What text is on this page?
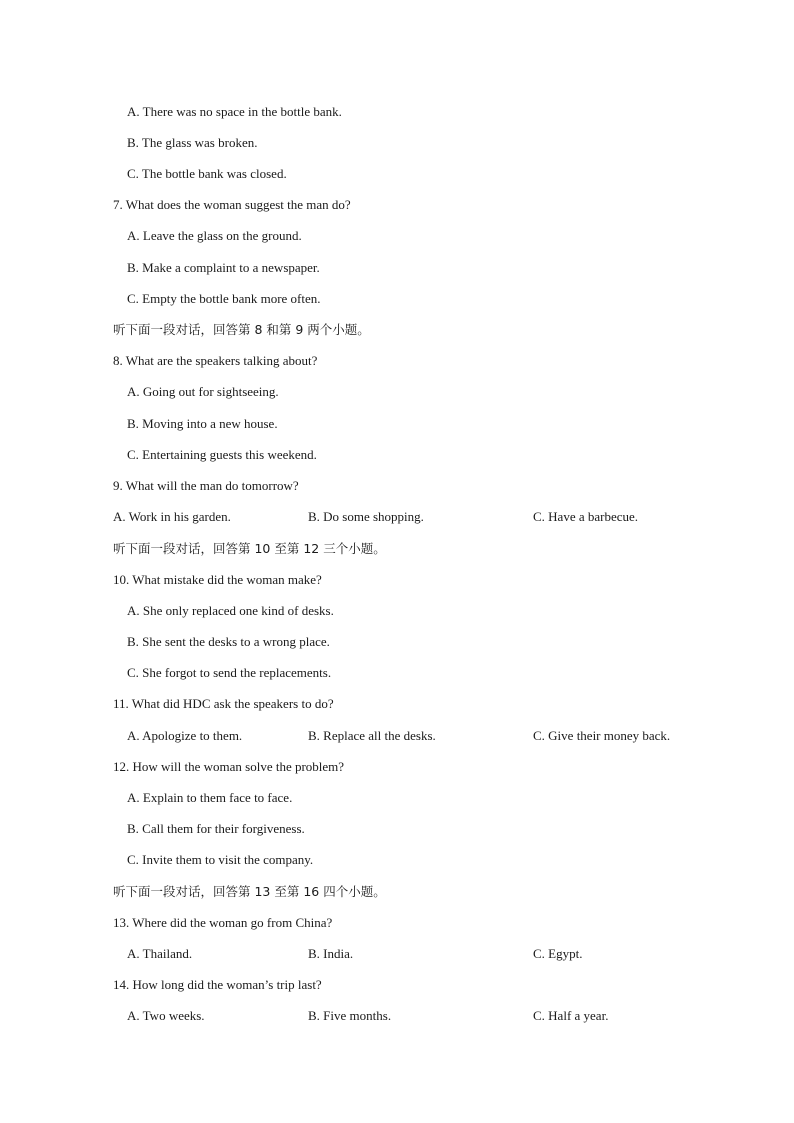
A. There was no space in the bottle bank.
B. The glass was broken.
C. The bottle bank was closed.
7. What does the woman suggest the man do?
A. Leave the glass on the ground.
B. Make a complaint to a newspaper.
C. Empty the bottle bank more often.
听下面一段对话，回答第 8 和第 9 两个小题。
8. What are the speakers talking about?
A. Going out for sightseeing.
B. Moving into a new house.
C. Entertaining guests this weekend.
9. What will the man do tomorrow?
A. Work in his garden.	B. Do some shopping.	C. Have a barbecue.
听下面一段对话，回答第 10 至第 12 三个小题。
10. What mistake did the woman make?
A. She only replaced one kind of desks.
B. She sent the desks to a wrong place.
C. She forgot to send the replacements.
11. What did HDC ask the speakers to do?
A. Apologize to them.	B. Replace all the desks.	C. Give their money back.
12. How will the woman solve the problem?
A. Explain to them face to face.
B. Call them for their forgiveness.
C. Invite them to visit the company.
听下面一段对话，回答第 13 至第 16 四个小题。
13. Where did the woman go from China?
A. Thailand.	B. India.	C. Egypt.
14. How long did the woman’s trip last?
A. Two weeks.	B. Five months.	C. Half a year.
